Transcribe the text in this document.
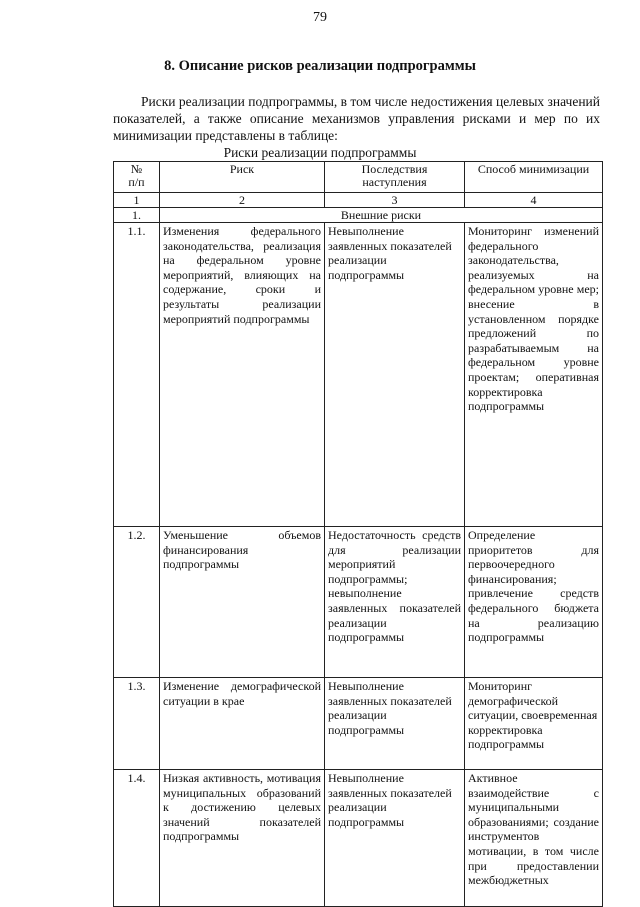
79
8. Описание рисков реализации подпрограммы

Риски реализации подпрограммы, в том числе недостижения целевых значений показателей, а также описание механизмов управления рисками и мер по их минимизации представлены в таблице:

Риски реализации подпрограммы
№ п/п	Риск	Последствия наступления	Способ минимизации
1	2	3	4
1.	Внешние риски		
1.1.	Изменения федерального законодательства, реализация на федеральном уровне мероприятий, влияющих на содержание, сроки и результаты реализации мероприятий подпрограммы	Невыполнение заявленных показателей реализации подпрограммы	Мониторинг изменений федерального законодательства, реализуемых на федеральном уровне мер; внесение в установленном порядке предложений по разрабатываемым на федеральном уровне проектам; оперативная корректировка подпрограммы
1.2.	Уменьшение объемов финансирования подпрограммы	Недостаточность средств для реализации мероприятий подпрограммы; невыполнение заявленных показателей реализации подпрограммы	Определение приоритетов для первоочередного финансирования; привлечение средств федерального бюджета на реализацию подпрограммы
1.3.	Изменение демографической ситуации в крае	Невыполнение заявленных показателей реализации подпрограммы	Мониторинг демографической ситуации, своевременная корректировка подпрограммы
1.4.	Низкая активность, мотивация муниципальных образований к достижению целевых значений показателей подпрограммы	Невыполнение заявленных показателей реализации подпрограммы	Активное взаимодействие с муниципальными образованиями; создание инструментов мотивации, в том числе при предоставлении межбюджетных
